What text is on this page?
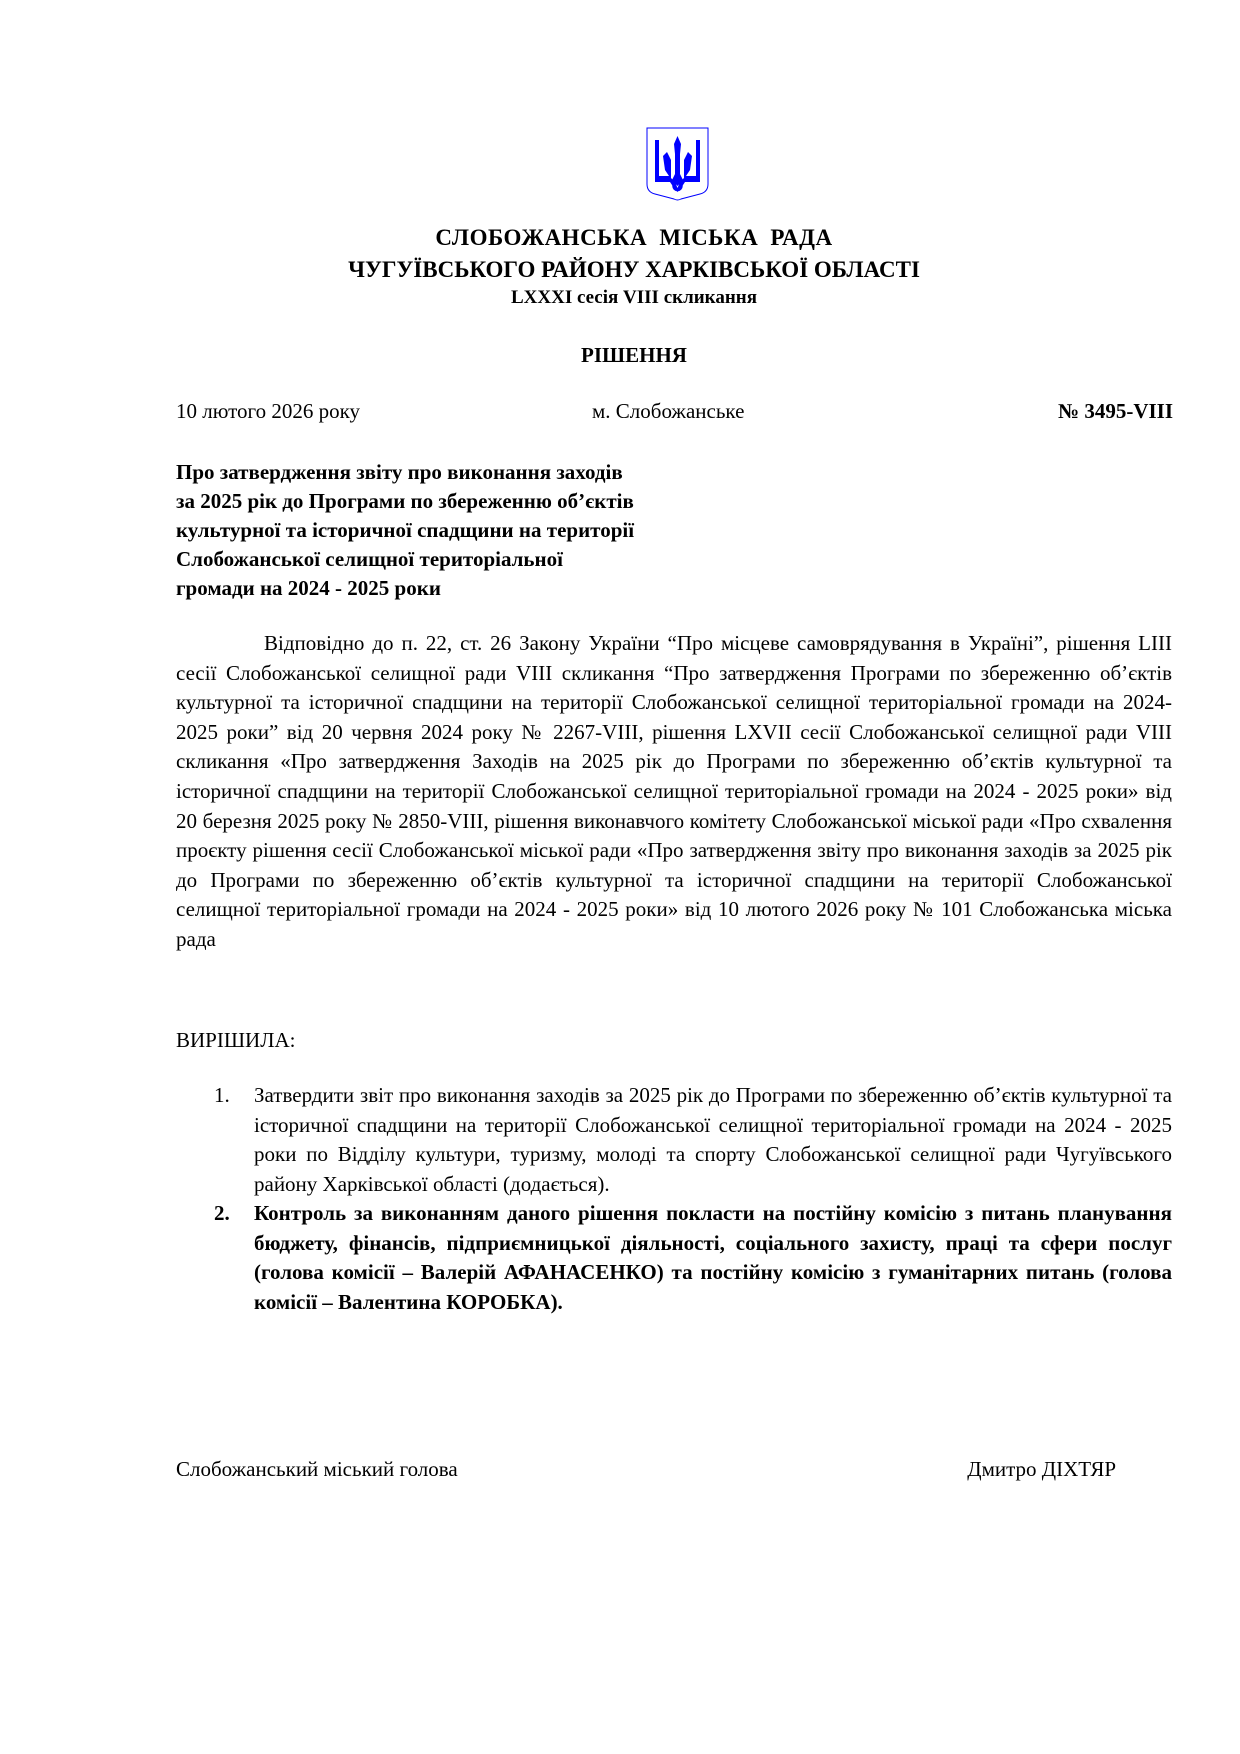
СЛОБОЖАНСЬКА МІСЬКА РАДА
ЧУГУЇВСЬКОГО РАЙОНУ ХАРКІВСЬКОЇ ОБЛАСТІ
LXXXI сесія VIII скликання
РІШЕННЯ
10 лютого 2026 року	м. Слобожанське	№ 3495-VIII
Про затвердження звіту про виконання заходів
за 2025 рік до Програми по збереженню об’єктів
культурної та історичної спадщини на території
Слобожанської селищної територіальної
громади на 2024 - 2025 роки
Відповідно до п. 22, ст. 26 Закону України “Про місцеве самоврядування в Україні”, рішення LIII сесії Слобожанської селищної ради VIII скликання “Про затвердження Програми по збереженню об’єктів культурної та історичної спадщини на території Слобожанської селищної територіальної громади на 2024-2025 роки” від 20 червня 2024 року № 2267-VIII, рішення LXVII сесії Слобожанської селищної ради VIII скликання «Про затвердження Заходів на 2025 рік до Програми по збереженню об’єктів культурної та історичної спадщини на території Слобожанської селищної територіальної громади на 2024 - 2025 роки» від 20 березня 2025 року № 2850-VIII, рішення виконавчого комітету Слобожанської міської ради «Про схвалення проєкту рішення сесії Слобожанської міської ради «Про затвердження звіту про виконання заходів за 2025 рік до Програми по збереженню об’єктів культурної та історичної спадщини на території Слобожанської селищної територіальної громади на 2024 - 2025 роки» від 10 лютого 2026 року № 101 Слобожанська міська рада
ВИРІШИЛА:
1. Затвердити звіт про виконання заходів за 2025 рік до Програми по збереженню об’єктів культурної та історичної спадщини на території Слобожанської селищної територіальної громади на 2024 - 2025 роки по Відділу культури, туризму, молоді та спорту Слобожанської селищної ради Чугуївського району Харківської області (додається).
2. Контроль за виконанням даного рішення покласти на постійну комісію з питань планування бюджету, фінансів, підприємницької діяльності, соціального захисту, праці та сфери послуг (голова комісії – Валерій АФАНАСЕНКО) та постійну комісію з гуманітарних питань (голова комісії – Валентина КОРОБКА).
Слобожанський міський голова	Дмитро ДІХТЯР
